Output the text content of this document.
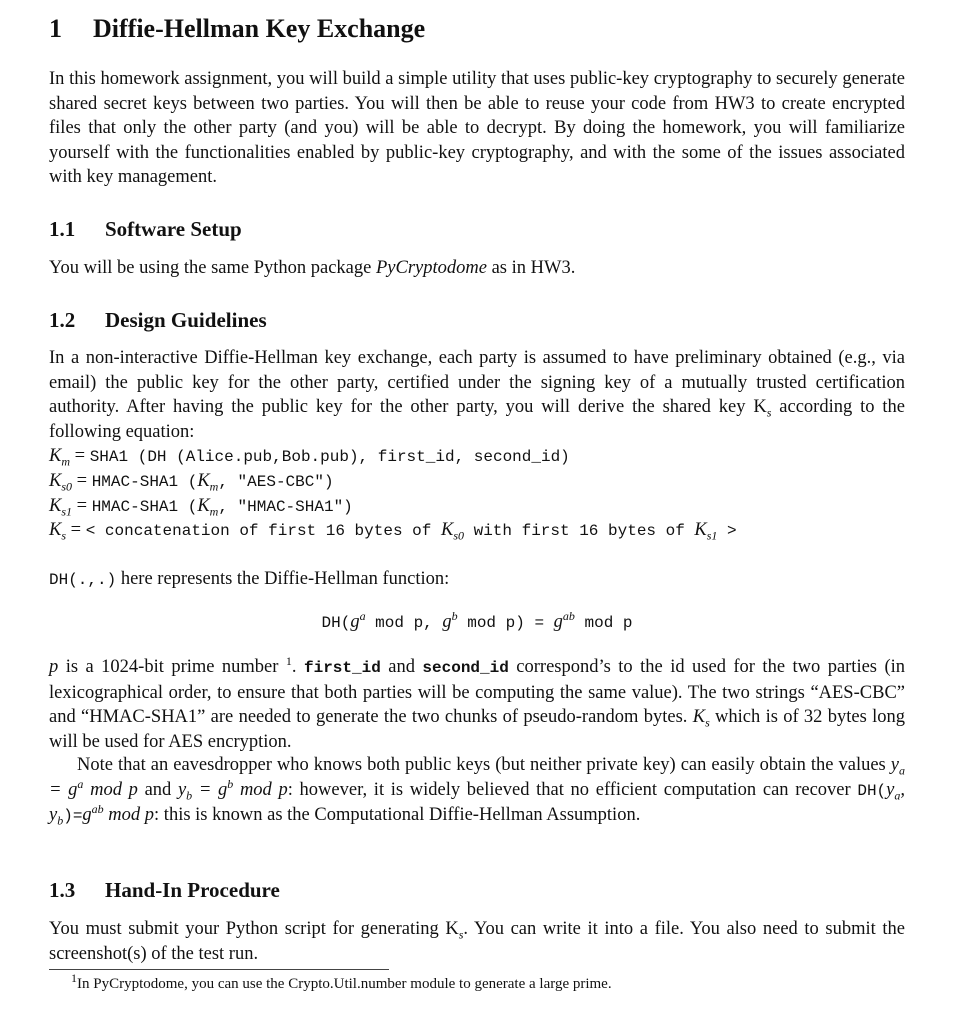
1 Diffie-Hellman Key Exchange

In this homework assignment, you will build a simple utility that uses public-key cryptography to securely generate shared secret keys between two parties. You will then be able to reuse your code from HW3 to create encrypted files that only the other party (and you) will be able to decrypt. By doing the homework, you will familiarize yourself with the functionalities enabled by public-key cryptography, and with the some of the issues associated with key management.

1.1 Software Setup

You will be using the same Python package PyCryptodome as in HW3.

1.2 Design Guidelines

In a non-interactive Diffie-Hellman key exchange, each party is assumed to have preliminary obtained (e.g., via email) the public key for the other party, certified under the signing key of a mutually trusted certification authority. After having the public key for the other party, you will derive the shared key $K_s$ according to the following equation:

$K_m = SHA1$ (DH (Alice.pub,Bob.pub), first_id, second_id)
$K_{s0}$ = HMAC-SHA1 ($K_m$, "AES-CBC")
$K_{s1}$ = HMAC-SHA1 ($K_m$, "HMAC-SHA1")
$K_s$ = < concatenation of first 16 bytes of $K_{s0}$ with first 16 bytes of $K_{s1}$ >
DH(.,.) here represents the Diffie-Hellman function:
$DH(g^a$ mod p, $g^b$ mod $p) = g^{ab}$ mod p

p is a 1024-bit prime number $^1$. first_id and second_id correspond’s to the id used for the two parties (in lexicographical order, to ensure that both parties will be computing the same value). The two strings “AES-CBC” and “HMAC-SHA1” are needed to generate the two chunks of pseudo-random bytes. $K_s$ which is of 32 bytes long will be used for AES encryption.

Note that an eavesdropper who knows both public keys (but neither private key) can easily obtain the values $y_a = g^a$ mod p and $y_b = g^b$ mod p: however, it is widely believed that no efficient computation can recover $DH(y_a$, $y_b)=g^{ab}$ mod p: this is known as the Computational Diffie-Hellman Assumption.

1.3 Hand-In Procedure

You must submit your Python script for generating $K_s$. You can write it into a file. You also need to submit the screenshot(s) of the test run.

$^1$In PyCryptodome, you can use the Crypto.Util.number module to generate a large prime.
